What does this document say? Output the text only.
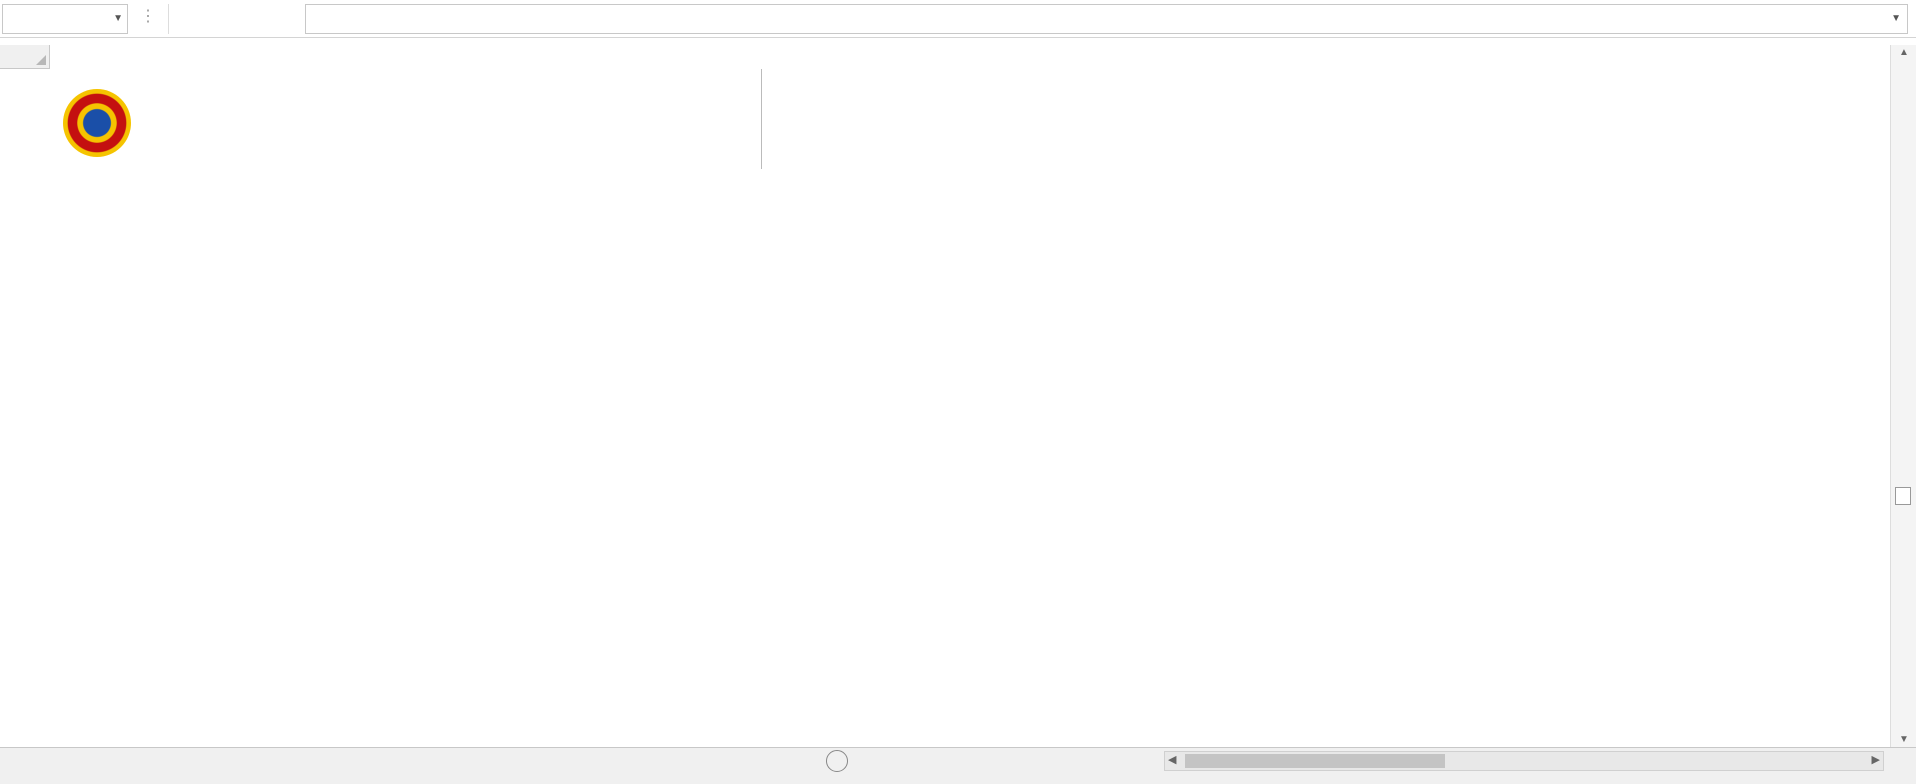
▼ ⋮	▼
▲
▼
◀	▶
